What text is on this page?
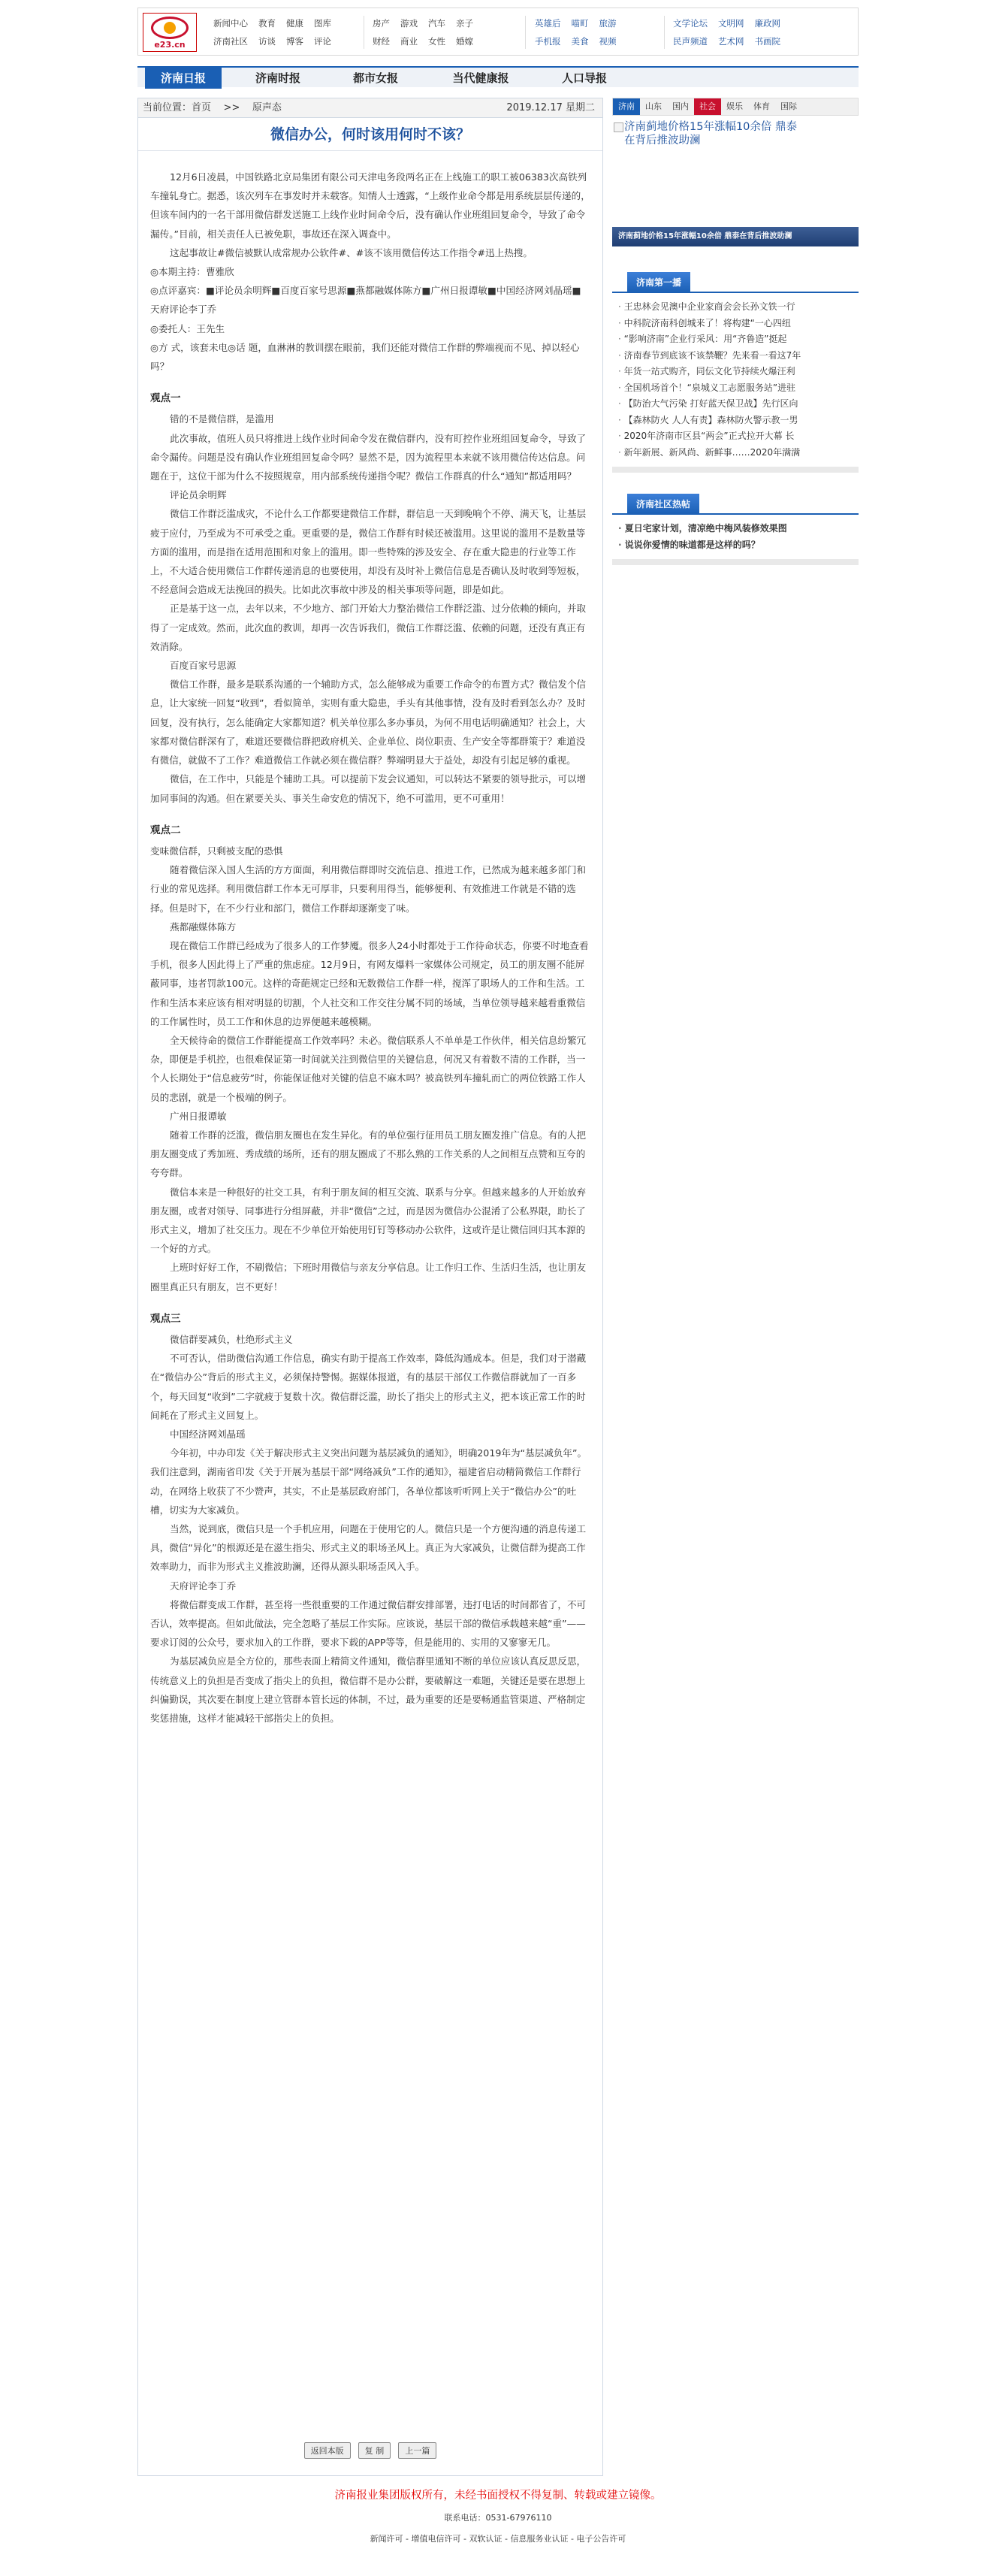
e23.cn
新闻中心 教育 健康 图库
济南社区 访谈 博客 评论
房产 游戏 汽车 亲子
财经 商业 女性 婚嫁
英雄后 喵町 旅游
手机报 美食 视频
文学论坛 文明网 廉政网
民声频道 艺术网 书画院
济南日报	济南时报	都市女报	当代健康报	人口导报
当前位置：首页 >> 原声态	2019.12.17 星期二
微信办公，何时该用何时不该？

12月6日凌晨，中国铁路北京局集团有限公司天津电务段两名正在上线施工的职工被06383次高铁列车撞轧身亡。据悉，该次列车在事发时并未载客。知情人士透露，“上级作业命令都是用系统层层传递的，但该车间内的一名干部用微信群发送施工上线作业时间命令后，没有确认作业班组回复命令，导致了命令漏传。”目前，相关责任人已被免职，事故还在深入调查中。

这起事故让#微信被默认成常规办公软件#、#该不该用微信传达工作指令#迅上热搜。

◎本期主持：曹雅欣

◎点评嘉宾：■评论员余明辉■百度百家号思源■燕都融媒体陈方■广州日报谭敏■中国经济网刘晶瑶■天府评论李丁乔

◎委托人：王先生

◎方 式，该套未电◎话 题，血淋淋的教训摆在眼前，我们还能对微信工作群的弊端视而不见、掉以轻心吗？

观点一

错的不是微信群，是滥用

此次事故，值班人员只将推进上线作业时间命令发在微信群内，没有盯控作业班组回复命令，导致了命令漏传。问题是没有确认作业班组回复命令吗？显然不是，因为流程里本来就不该用微信传达信息。问题在于，这位干部为什么不按照规章，用内部系统传递指令呢？微信工作群真的什么“通知”都适用吗？

评论员余明辉

微信工作群泛滥成灾，不论什么工作都要建微信工作群，群信息一天到晚响个不停、满天飞，让基层疲于应付，乃至成为不可承受之重。更重要的是，微信工作群有时候还被滥用。这里说的滥用不是数量等方面的滥用，而是指在适用范围和对象上的滥用。即一些特殊的涉及安全、存在重大隐患的行业等工作上，不大适合使用微信工作群传递消息的也要使用，却没有及时补上微信信息是否确认及时收到等短板，不经意间会造成无法挽回的损失。比如此次事故中涉及的相关事项等问题，即是如此。

正是基于这一点，去年以来，不少地方、部门开始大力整治微信工作群泛滥、过分依赖的倾向，并取得了一定成效。然而，此次血的教训，却再一次告诉我们，微信工作群泛滥、依赖的问题，还没有真正有效消除。

百度百家号思源

微信工作群，最多是联系沟通的一个辅助方式，怎么能够成为重要工作命令的布置方式？微信发个信息，让大家统一回复“收到”，看似简单，实则有重大隐患，手头有其他事情，没有及时看到怎么办？及时回复，没有执行，怎么能确定大家都知道？机关单位那么多办事员，为何不用电话明确通知？社会上，大家都对微信群深有了，难道还要微信群把政府机关、企业单位、岗位职责、生产安全等都群策于？难道没有微信，就做不了工作？难道微信工作就必须在微信群？弊端明显大于益处，却没有引起足够的重视。

微信，在工作中，只能是个辅助工具。可以提前下发会议通知，可以转达不紧要的领导批示，可以增加同事间的沟通。但在紧要关头、事关生命安危的情况下，绝不可滥用，更不可重用！

观点二

变味微信群，只剩被支配的恐惧

随着微信深入国人生活的方方面面，利用微信群即时交流信息、推进工作，已然成为越来越多部门和行业的常见选择。利用微信群工作本无可厚非，只要利用得当，能够便利、有效推进工作就是不错的选择。但是时下，在不少行业和部门，微信工作群却逐渐变了味。

燕都融媒体陈方

现在微信工作群已经成为了很多人的工作梦魇。很多人24小时都处于工作待命状态，你要不时地查看手机，很多人因此得上了严重的焦虑症。12月9日，有网友爆料一家媒体公司规定，员工的朋友圈不能屏蔽同事，违者罚款100元。这样的奇葩规定已经和无数微信工作群一样，搅浑了职场人的工作和生活。工作和生活本来应该有相对明显的切割，个人社交和工作交往分属不同的场域，当单位领导越来越看重微信的工作属性时，员工工作和休息的边界便越来越模糊。

全天候待命的微信工作群能提高工作效率吗？未必。微信联系人不单单是工作伙伴，相关信息纷繁冗杂，即便是手机控，也很难保证第一时间就关注到微信里的关键信息，何况又有着数不清的工作群，当一个人长期处于“信息疲劳”时，你能保证他对关键的信息不麻木吗？被高铁列车撞轧而亡的两位铁路工作人员的悲剧，就是一个极端的例子。

广州日报谭敏

随着工作群的泛滥，微信朋友圈也在发生异化。有的单位强行征用员工朋友圈发推广信息。有的人把朋友圈变成了秀加班、秀成绩的场所，还有的朋友圈成了不那么熟的工作关系的人之间相互点赞和互夸的夸夸群。

微信本来是一种很好的社交工具，有利于朋友间的相互交流、联系与分享。但越来越多的人开始放弃朋友圈，或者对领导、同事进行分组屏蔽，并非“微信”之过，而是因为微信办公混淆了公私界限，助长了形式主义，增加了社交压力。现在不少单位开始使用钉钉等移动办公软件，这或许是让微信回归其本源的一个好的方式。

上班时好好工作，不刷微信；下班时用微信与亲友分享信息。让工作归工作、生活归生活，也让朋友圈里真正只有朋友，岂不更好！

观点三

微信群要减负，杜绝形式主义

不可否认，借助微信沟通工作信息，确实有助于提高工作效率，降低沟通成本。但是，我们对于潜藏在“微信办公”背后的形式主义，必须保持警惕。据媒体报道，有的基层干部仅工作微信群就加了一百多个，每天回复“收到”二字就疲于复数十次。微信群泛滥，助长了指尖上的形式主义，把本该正常工作的时间耗在了形式主义回复上。

中国经济网刘晶瑶

今年初，中办印发《关于解决形式主义突出问题为基层减负的通知》，明确2019年为“基层减负年”。我们注意到，湖南省印发《关于开展为基层干部“网络减负”工作的通知》，福建省启动精简微信工作群行动，在网络上收获了不少赞声，其实，不止是基层政府部门，各单位都该听听网上关于“微信办公”的吐槽，切实为大家减负。

当然，说到底，微信只是一个手机应用，问题在于使用它的人。微信只是一个方便沟通的消息传递工具，微信“异化”的根源还是在滋生指尖、形式主义的职场圣风上。真正为大家减负，让微信群为提高工作效率助力，而非为形式主义推波助澜，还得从源头职场歪风入手。

天府评论李丁乔

将微信群变成工作群，甚至将一些很重要的工作通过微信群安排部署，违打电话的时间都省了，不可否认，效率提高。但如此做法，完全忽略了基层工作实际。应该说，基层干部的微信承载越来越“重”——要求订阅的公众号，要求加入的工作群，要求下载的APP等等，但是能用的、实用的又寥寥无几。

为基层减负应是全方位的，那些表面上精简文件通知，微信群里通知不断的单位应该认真反思反思，传统意义上的负担是否变成了指尖上的负担，微信群不是办公群，要破解这一难题，关键还是要在思想上纠偏勤误，其次要在制度上建立管群本管长远的体制，不过，最为重要的还是要畅通监管渠道、严格制定奖惩措施，这样才能减轻干部指尖上的负担。

返回本版	复 制	上一篇
济南 山东 国内 社会 娱乐 体育 国际
济南蓟地价格15年涨幅10余倍 鼎泰在背后推波助澜
济南蓟地价格15年涨幅10余倍 鼎泰在背后推波助澜
济南第一播
· 王忠林会见澳中企业家商会会长孙文铁一行
· 中科院济南科创城来了！将构建“一心四纽
· “影响济南”企业行采风：用“齐鲁造”挺起
· 济南春节到底该不该禁鞭？先来看一看这7年
· 年货一站式购齐，同伝文化节持续火爆汪利
· 全国机场首个！“泉城义工志愿服务站”进驻
· 【防治大气污染 打好蓝天保卫战】先行区向
· 【森林防火 人人有责】森林防火警示教一男
· 2020年济南市区县“两会”正式拉开大幕 长
· 新年新展、新风尚、新鲜事……2020年满满
济南社区热帖
· 夏日宅家计划，清凉绝中梅风装修效果图
· 说说你爱情的味道都是这样的吗？
济南报业集团版权所有，未经书面授权不得复制、转载或建立镜像。
联系电话：0531-67976110
新闻许可 - 增值电信许可 - 双软认证 - 信息服务业认证 - 电子公告许可
